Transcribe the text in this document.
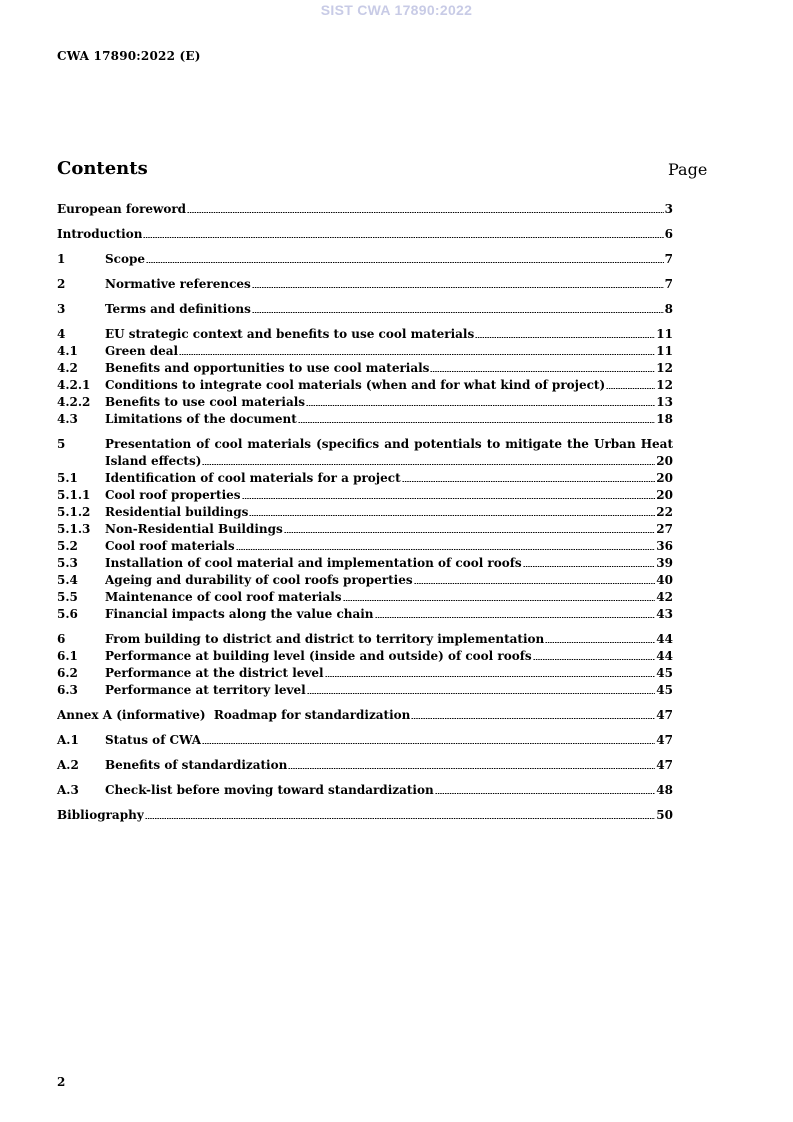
SIST CWA 17890:2022
CWA 17890:2022 (E)
Contents	Page
European foreword	3
Introduction	6
1	Scope	7
2	Normative references	7
3	Terms and definitions	8
4	EU strategic context and benefits to use cool materials	11
4.1	Green deal	11
4.2	Benefits and opportunities to use cool materials	12
4.2.1	Conditions to integrate cool materials (when and for what kind of project)	12
4.2.2	Benefits to use cool materials	13
4.3	Limitations of the document	18
5	Presentation of cool materials (specifics and potentials to mitigate the Urban Heat
Island effects)	20
5.1	Identification of cool materials for a project	20
5.1.1	Cool roof properties	20
5.1.2	Residential buildings	22
5.1.3	Non-Residential Buildings	27
5.2	Cool roof materials	36
5.3	Installation of cool material and implementation of cool roofs	39
5.4	Ageing and durability of cool roofs properties	40
5.5	Maintenance of cool roof materials	42
5.6	Financial impacts along the value chain	43
6	From building to district and district to territory implementation	44
6.1	Performance at building level (inside and outside) of cool roofs	44
6.2	Performance at the district level	45
6.3	Performance at territory level	45
Annex A (informative)  Roadmap for standardization	47
A.1	Status of CWA	47
A.2	Benefits of standardization	47
A.3	Check-list before moving toward standardization	48
Bibliography	50
2
